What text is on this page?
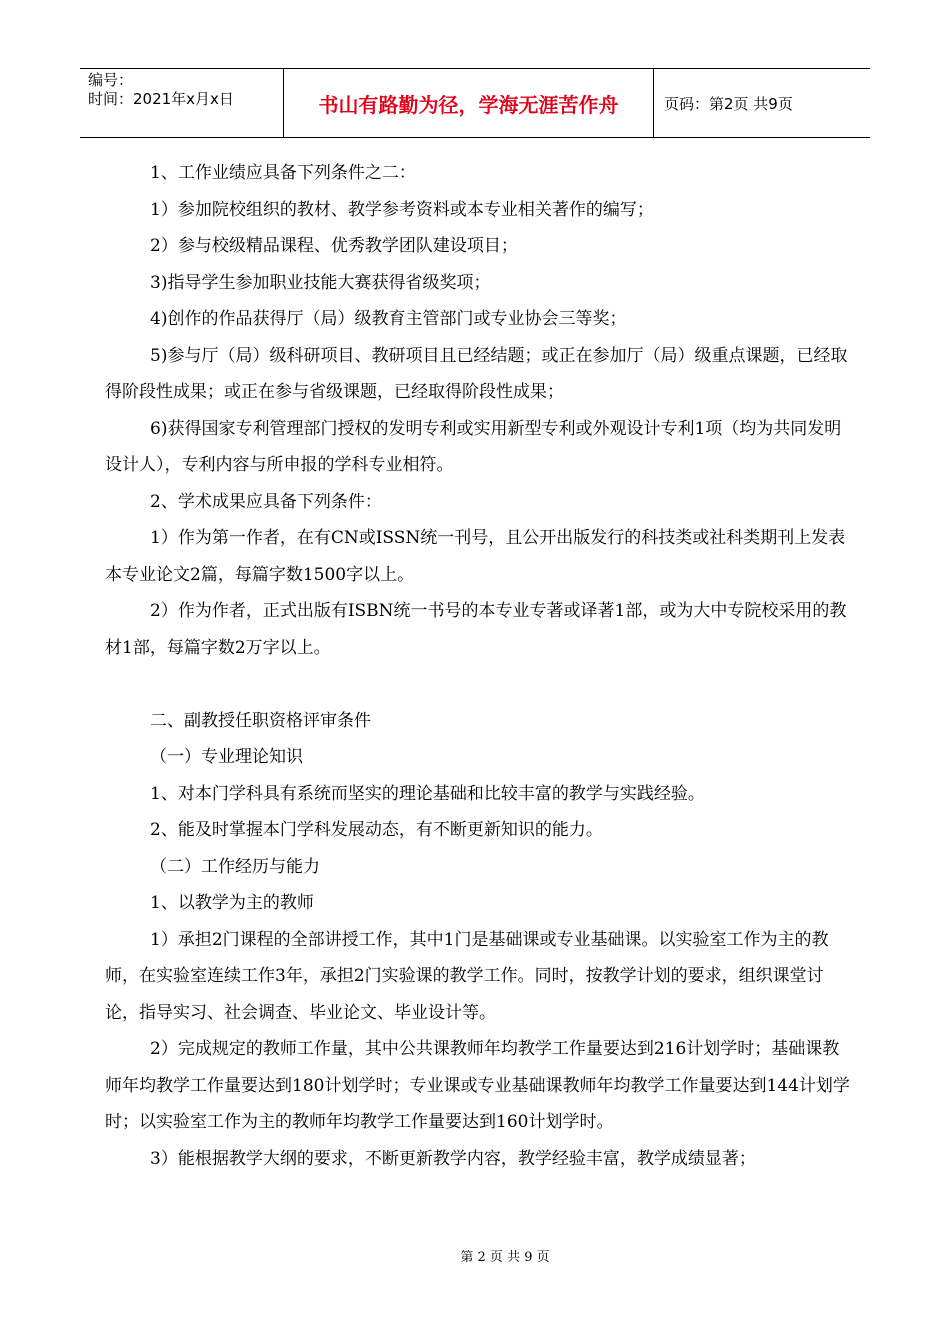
编号：
时间：2021年x月x日	书山有路勤为径，学海无涯苦作舟	页码：第2页 共9页

1、工作业绩应具备下列条件之二：

1）参加院校组织的教材、教学参考资料或本专业相关著作的编写；

2）参与校级精品课程、优秀教学团队建设项目；

3)指导学生参加职业技能大赛获得省级奖项；

4)创作的作品获得厅（局）级教育主管部门或专业协会三等奖；

5)参与厅（局）级科研项目、教研项目且已经结题；或正在参加厅（局）级重点课题，已经取得阶段性成果；或正在参与省级课题，已经取得阶段性成果；

6)获得国家专利管理部门授权的发明专利或实用新型专利或外观设计专利1项（均为共同发明设计人），专利内容与所申报的学科专业相符。

2、学术成果应具备下列条件：

1）作为第一作者，在有CN或ISSN统一刊号，且公开出版发行的科技类或社科类期刊上发表本专业论文2篇，每篇字数1500字以上。

2）作为作者，正式出版有ISBN统一书号的本专业专著或译著1部，或为大中专院校采用的教材1部，每篇字数2万字以上。

二、副教授任职资格评审条件

（一）专业理论知识

1、对本门学科具有系统而坚实的理论基础和比较丰富的教学与实践经验。

2、能及时掌握本门学科发展动态，有不断更新知识的能力。

（二）工作经历与能力

1、以教学为主的教师

1）承担2门课程的全部讲授工作，其中1门是基础课或专业基础课。以实验室工作为主的教师，在实验室连续工作3年，承担2门实验课的教学工作。同时，按教学计划的要求，组织课堂讨论，指导实习、社会调查、毕业论文、毕业设计等。

2）完成规定的教师工作量，其中公共课教师年均教学工作量要达到216计划学时；基础课教师年均教学工作量要达到180计划学时；专业课或专业基础课教师年均教学工作量要达到144计划学时；以实验室工作为主的教师年均教学工作量要达到160计划学时。

3）能根据教学大纲的要求，不断更新教学内容，教学经验丰富，教学成绩显著；

第 2 页 共 9 页
